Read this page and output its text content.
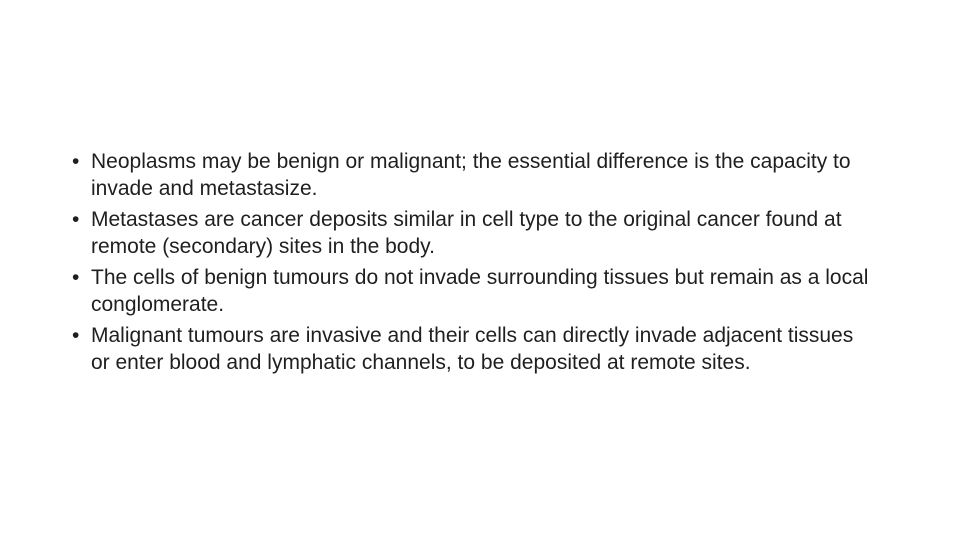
• Neoplasms may be benign or malignant; the essential difference is the capacity to invade and metastasize.
• Metastases are cancer deposits similar in cell type to the original cancer found at remote (secondary) sites in the body.
• The cells of benign tumours do not invade surrounding tissues but remain as a local conglomerate.
• Malignant tumours are invasive and their cells can directly invade adjacent tissues or enter blood and lymphatic channels, to be deposited at remote sites.
